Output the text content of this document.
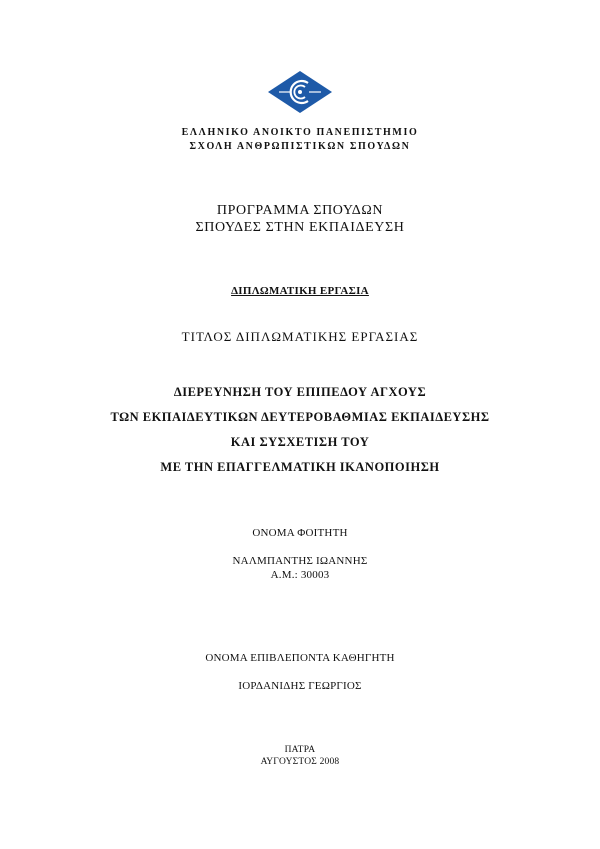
ΕΛΛΗΝΙΚΟ ΑΝΟΙΚΤΟ ΠΑΝΕΠΙΣΤΗΜΙΟ
ΣΧΟΛΗ ΑΝΘΡΩΠΙΣΤΙΚΩΝ ΣΠΟΥΔΩΝ
ΠΡΟΓΡΑΜΜΑ ΣΠΟΥΔΩΝ
ΣΠΟΥΔΕΣ ΣΤΗΝ ΕΚΠΑΙΔΕΥΣΗ
ΔΙΠΛΩΜΑΤΙΚΗ ΕΡΓΑΣΙΑ
ΤΙΤΛΟΣ ΔΙΠΛΩΜΑΤΙΚΗΣ ΕΡΓΑΣΙΑΣ
ΔΙΕΡΕΥΝΗΣΗ ΤΟΥ ΕΠΙΠΕΔΟΥ ΑΓΧΟΥΣ
ΤΩΝ ΕΚΠΑΙΔΕΥΤΙΚΩΝ ΔΕΥΤΕΡΟΒΑΘΜΙΑΣ ΕΚΠΑΙΔΕΥΣΗΣ
ΚΑΙ ΣΥΣΧΕΤΙΣΗ ΤΟΥ
ΜΕ ΤΗΝ ΕΠΑΓΓΕΛΜΑΤΙΚΗ ΙΚΑΝΟΠΟΙΗΣΗ
ΟΝΟΜΑ ΦΟΙΤΗΤΗ
ΝΑΛΜΠΑΝΤΗΣ ΙΩΑΝΝΗΣ
Α.Μ.: 30003
ΟΝΟΜΑ ΕΠΙΒΛΕΠΟΝΤΑ ΚΑΘΗΓΗΤΗ
ΙΟΡΔΑΝΙΔΗΣ ΓΕΩΡΓΙΟΣ
ΠΑΤΡΑ
ΑΥΓΟΥΣΤΟΣ 2008
